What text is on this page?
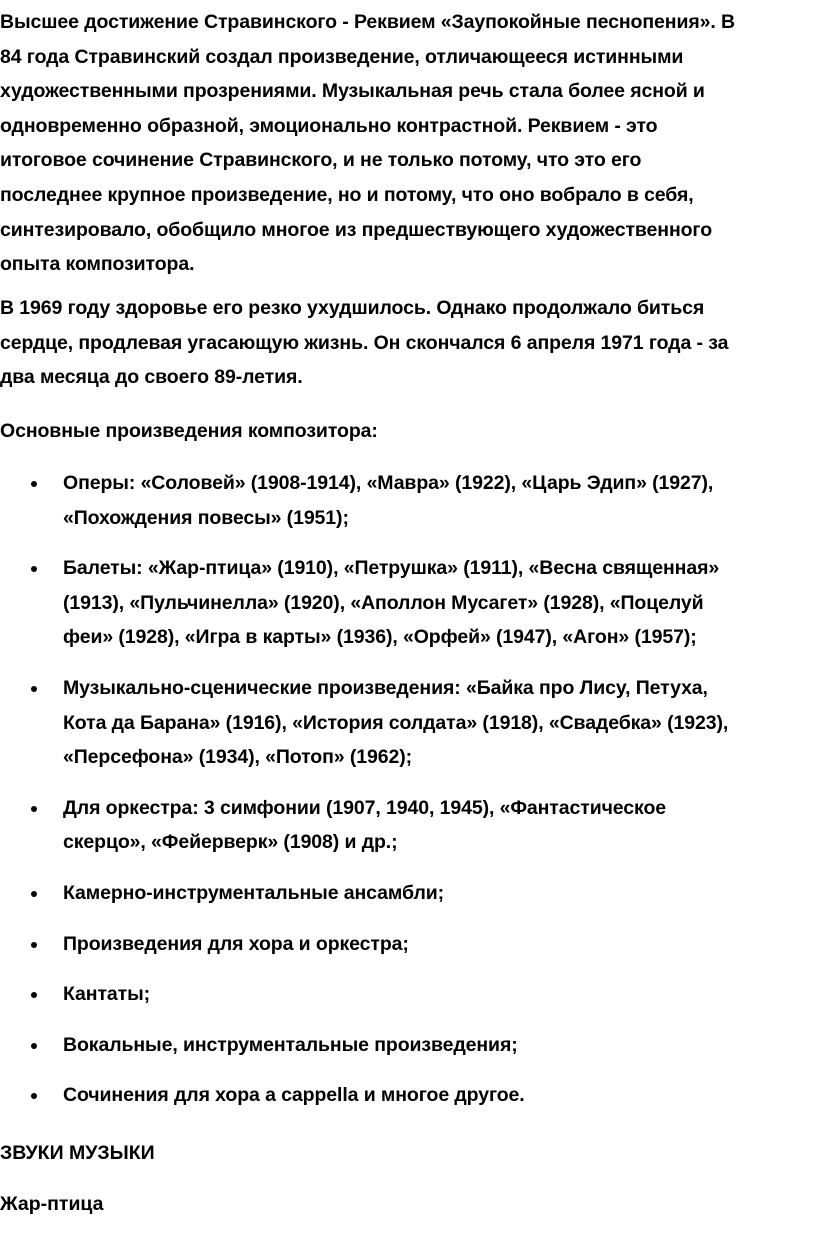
Высшее достижение Стравинского - Реквием «Заупокойные песнопения». В
84 года Стравинский создал произведение, отличающееся истинными
художественными прозрениями. Музыкальная речь стала более ясной и
одновременно образной, эмоционально контрастной. Реквием - это
итоговое сочинение Стравинского, и не только потому, что это его
последнее крупное произведение, но и потому, что оно вобрало в себя,
синтезировало, обобщило многое из предшествующего художественного
опыта композитора.

В 1969 году здоровье его резко ухудшилось. Однако продолжало биться
сердце, продлевая угасающую жизнь. Он скончался 6 апреля 1971 года - за
два месяца до своего 89-летия.

Основные произведения композитора:

Оперы: «Соловей» (1908-1914), «Мавра» (1922), «Царь Эдип» (1927),
«Похождения повесы» (1951);
Балеты: «Жар-птица» (1910), «Петрушка» (1911), «Весна священная»
(1913), «Пульчинелла» (1920), «Аполлон Мусагет» (1928), «Поцелуй
феи» (1928), «Игра в карты» (1936), «Орфей» (1947), «Агон» (1957);
Музыкально-сценические произведения: «Байка про Лису, Петуха,
Кота да Барана» (1916), «История солдата» (1918), «Свадебка» (1923),
«Персефона» (1934), «Потоп» (1962);
Для оркестра: 3 симфонии (1907, 1940, 1945), «Фантастическое
скерцо», «Фейерверк» (1908) и др.;
Камерно-инструментальные ансамбли;
Произведения для хора и оркестра;
Кантаты;
Вокальные, инструментальные произведения;
Сочинения для хора а cappella и многое другое.

ЗВУКИ МУЗЫКИ

Жар-птица
